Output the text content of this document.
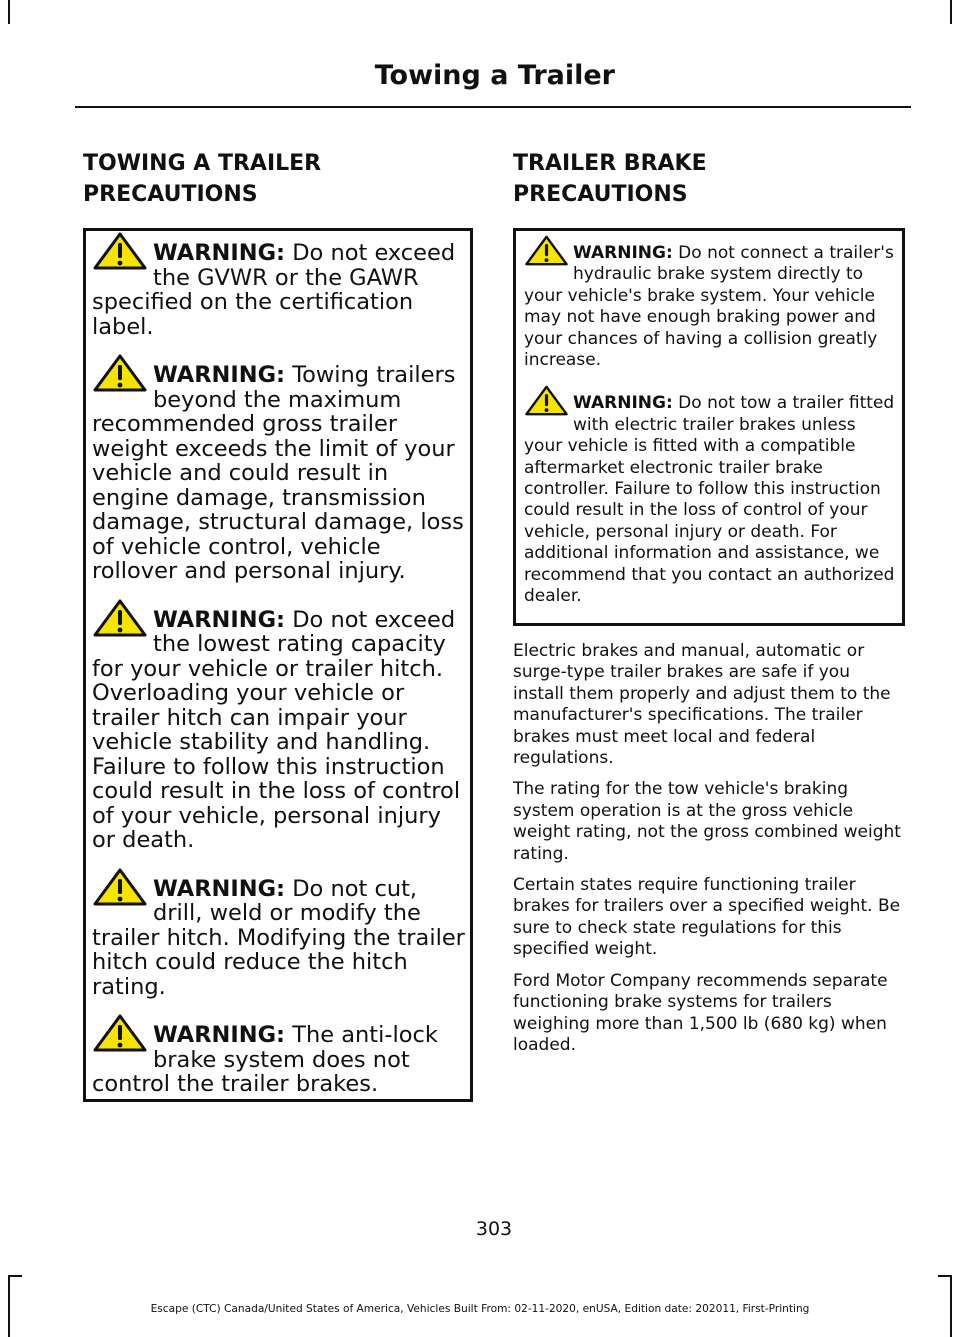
Towing a Trailer
TOWING A TRAILER
PRECAUTIONS

WARNING: Do not exceed the GVWR or the GAWR specified on the certification label.

WARNING: Towing trailers beyond the maximum recommended gross trailer weight exceeds the limit of your vehicle and could result in engine damage, transmission damage, structural damage, loss of vehicle control, vehicle rollover and personal injury.

WARNING: Do not exceed the lowest rating capacity for your vehicle or trailer hitch. Overloading your vehicle or trailer hitch can impair your vehicle stability and handling. Failure to follow this instruction could result in the loss of control of your vehicle, personal injury or death.

WARNING: Do not cut, drill, weld or modify the trailer hitch. Modifying the trailer hitch could reduce the hitch rating.

WARNING: The anti-lock brake system does not control the trailer brakes.

TRAILER BRAKE
PRECAUTIONS

WARNING: Do not connect a trailer's hydraulic brake system directly to your vehicle's brake system. Your vehicle may not have enough braking power and your chances of having a collision greatly increase.

WARNING: Do not tow a trailer fitted with electric trailer brakes unless your vehicle is fitted with a compatible aftermarket electronic trailer brake controller. Failure to follow this instruction could result in the loss of control of your vehicle, personal injury or death. For additional information and assistance, we recommend that you contact an authorized dealer.

Electric brakes and manual, automatic or surge-type trailer brakes are safe if you install them properly and adjust them to the manufacturer's specifications. The trailer brakes must meet local and federal regulations.

The rating for the tow vehicle's braking system operation is at the gross vehicle weight rating, not the gross combined weight rating.

Certain states require functioning trailer brakes for trailers over a specified weight. Be sure to check state regulations for this specified weight.

Ford Motor Company recommends separate functioning brake systems for trailers weighing more than 1,500 lb (680 kg) when loaded.

303

Escape (CTC) Canada/United States of America, Vehicles Built From: 02-11-2020, enUSA, Edition date: 202011, First-Printing
